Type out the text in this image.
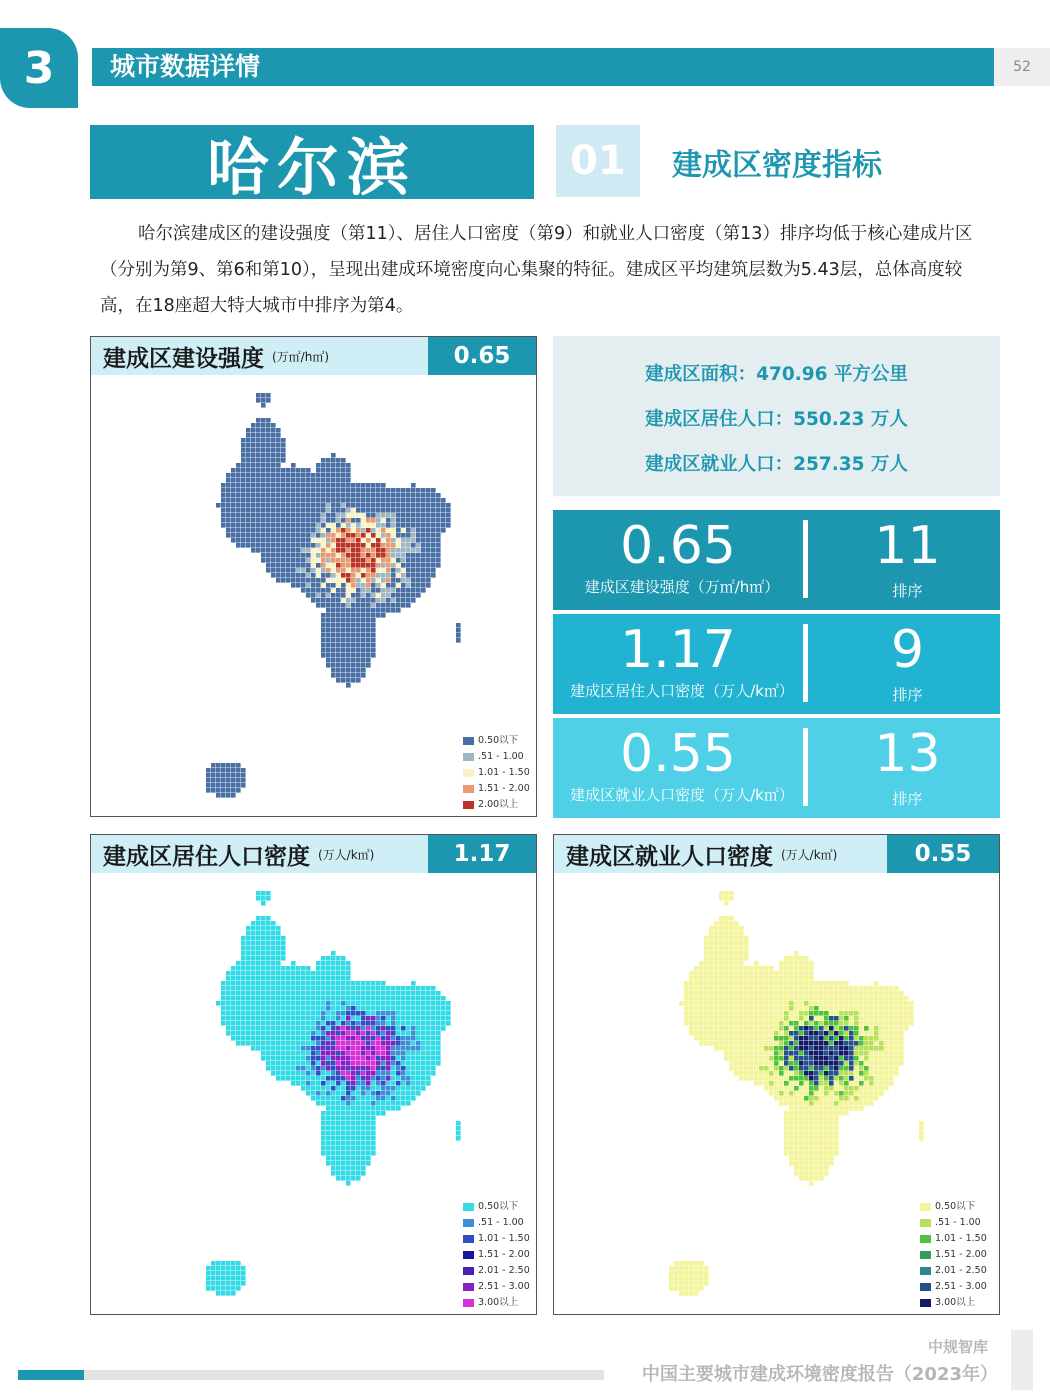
3	城市数据详情	52
哈尔滨	01	建成区密度指标
哈尔滨建成区的建设强度（第11）、居住人口密度（第9）和就业人口密度（第13）排序均低于核心建成片区（分别为第9、第6和第10），呈现出建成环境密度向心集聚的特征。建成区平均建筑层数为5.43层，总体高度较高，在18座超大特大城市中排序为第4。
建成区建设强度 (万㎡/h㎡)	0.65
0.50以下
.51 - 1.00
1.01 - 1.50
1.51 - 2.00
2.00以上
建成区面积：470.96 平方公里
建成区居住人口：550.23 万人
建成区就业人口：257.35 万人
0.65
建成区建设强度（万㎡/h㎡）
11
排序
1.17
建成区居住人口密度（万人/k㎡）
9
排序
0.55
建成区就业人口密度（万人/k㎡）
13
排序
建成区居住人口密度 (万人/k㎡)	1.17
0.50以下
.51 - 1.00
1.01 - 1.50
1.51 - 2.00
2.01 - 2.50
2.51 - 3.00
3.00以上
建成区就业人口密度 (万人/k㎡)	0.55
0.50以下
.51 - 1.00
1.01 - 1.50
1.51 - 2.00
2.01 - 2.50
2.51 - 3.00
3.00以上
中规智库
中国主要城市建成环境密度报告（2023年）
